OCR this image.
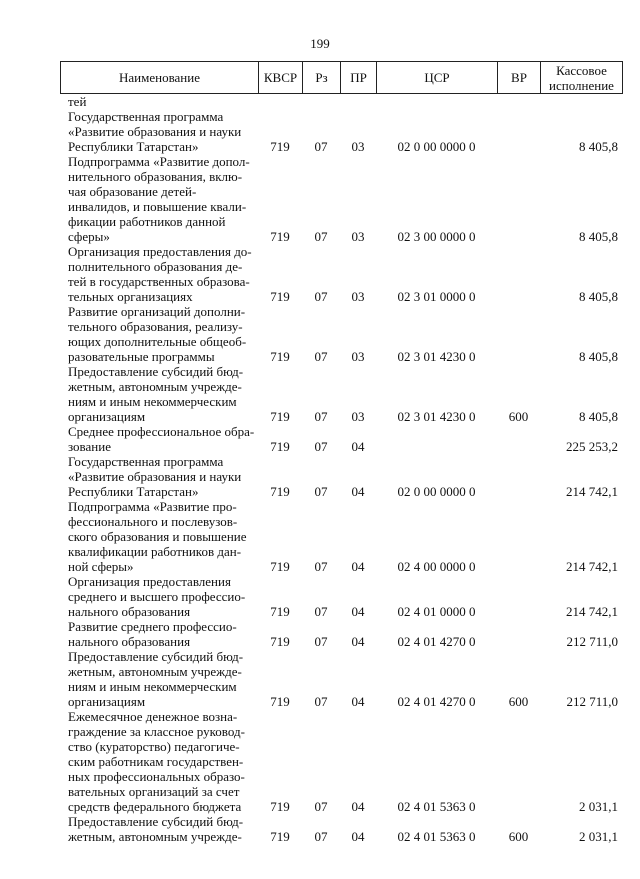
199
Наименование	КВСР	Рз	ПР	ЦСР	ВР	Кассовое
исполнение
тей
Государственная программа
«Развитие образования и науки
Республики Татарстан»	719	07	03	02 0 00 0000 0	8 405,8
Подпрограмма «Развитие допол-
нительного образования, вклю-
чая образование детей-
инвалидов, и повышение квали-
фикации работников данной
сферы»	719	07	03	02 3 00 0000 0	8 405,8
Организация предоставления до-
полнительного образования де-
тей в государственных образова-
тельных организациях	719	07	03	02 3 01 0000 0	8 405,8
Развитие организаций дополни-
тельного образования, реализу-
ющих дополнительные общеоб-
разовательные программы	719	07	03	02 3 01 4230 0	8 405,8
Предоставление субсидий бюд-
жетным, автономным учрежде-
ниям и иным некоммерческим
организациям	719	07	03	02 3 01 4230 0	600	8 405,8
Среднее профессиональное обра-
зование	719	07	04	225 253,2
Государственная программа
«Развитие образования и науки
Республики Татарстан»	719	07	04	02 0 00 0000 0	214 742,1
Подпрограмма «Развитие про-
фессионального и послевузов-
ского образования и повышение
квалификации работников дан-
ной сферы»	719	07	04	02 4 00 0000 0	214 742,1
Организация предоставления
среднего и высшего профессио-
нального образования	719	07	04	02 4 01 0000 0	214 742,1
Развитие среднего профессио-
нального образования	719	07	04	02 4 01 4270 0	212 711,0
Предоставление субсидий бюд-
жетным, автономным учрежде-
ниям и иным некоммерческим
организациям	719	07	04	02 4 01 4270 0	600	212 711,0
Ежемесячное денежное возна-
граждение за классное руковод-
ство (кураторство) педагогиче-
ским работникам государствен-
ных профессиональных образо-
вательных организаций за счет
средств федерального бюджета	719	07	04	02 4 01 5363 0	2 031,1
Предоставление субсидий бюд-
жетным, автономным учрежде-	719	07	04	02 4 01 5363 0	600	2 031,1
